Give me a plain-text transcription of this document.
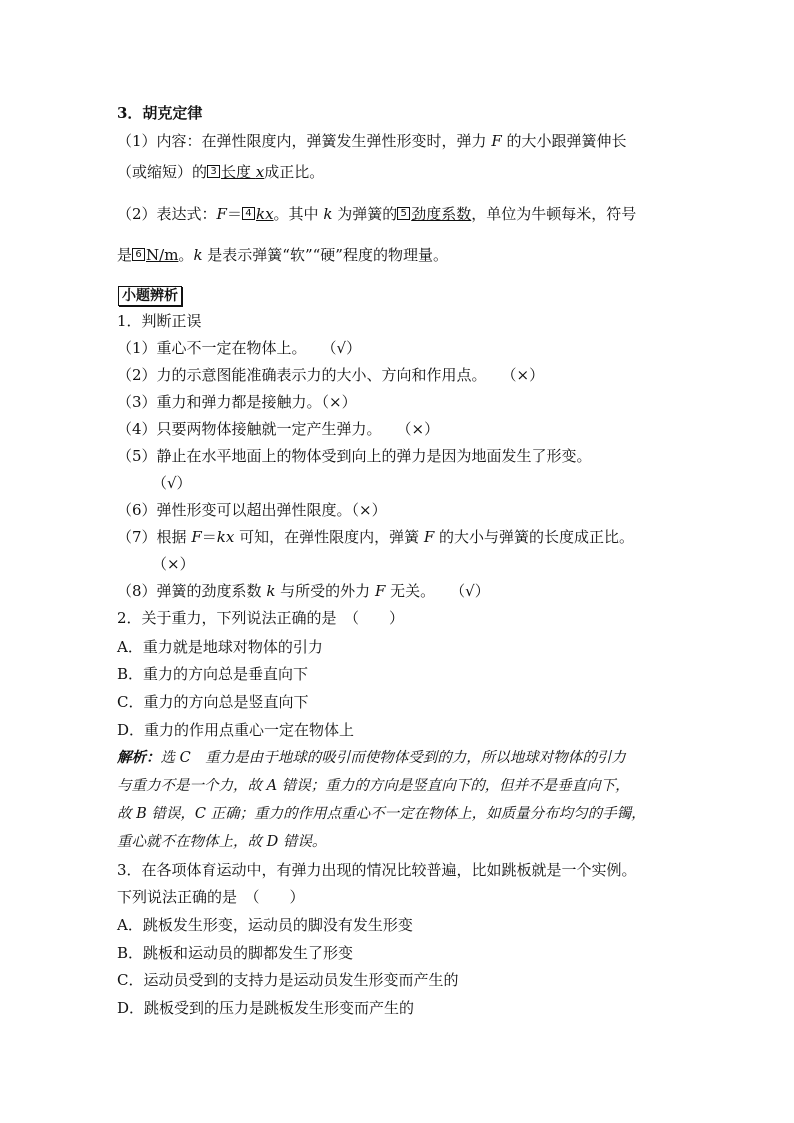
3．胡克定律
（1）内容：在弹性限度内，弹簧发生弹性形变时，弹力 F 的大小跟弹簧伸长
（或缩短）的 3 长度 x成正比。
（2）表达式：F＝ 4 kx。其中 k 为弹簧的 5 劲度系数，单位为牛顿每米，符号
是 6 N/m。k 是表示弹簧“软”“硬”程度的物理量。
小题辨析
1．判断正误
（1）重心不一定在物体上。　　（√）
（2）力的示意图能准确表示力的大小、方向和作用点。　　（×）
（3）重力和弹力都是接触力。（×）
（4）只要两物体接触就一定产生弹力。　　（×）
（5）静止在水平地面上的物体受到向上的弹力是因为地面发生了形变。
（√）
（6）弹性形变可以超出弹性限度。（×）
（7）根据 F＝kx 可知，在弹性限度内，弹簧 F 的大小与弹簧的长度成正比。
（×）
（8）弹簧的劲度系数 k 与所受的外力 F 无关。　　（√）
2．关于重力，下列说法正确的是　（　　）
A．重力就是地球对物体的引力
B．重力的方向总是垂直向下
C．重力的方向总是竖直向下
D．重力的作用点重心一定在物体上
解析：选 C　重力是由于地球的吸引而使物体受到的力，所以地球对物体的引力
与重力不是一个力，故 A 错误；重力的方向是竖直向下的，但并不是垂直向下，
故 B 错误，C 正确；重力的作用点重心不一定在物体上，如质量分布均匀的手镯，
重心就不在物体上，故 D 错误。
3．在各项体育运动中，有弹力出现的情况比较普遍，比如跳板就是一个实例。
下列说法正确的是　（　　）
A．跳板发生形变，运动员的脚没有发生形变
B．跳板和运动员的脚都发生了形变
C．运动员受到的支持力是运动员发生形变而产生的
D．跳板受到的压力是跳板发生形变而产生的
